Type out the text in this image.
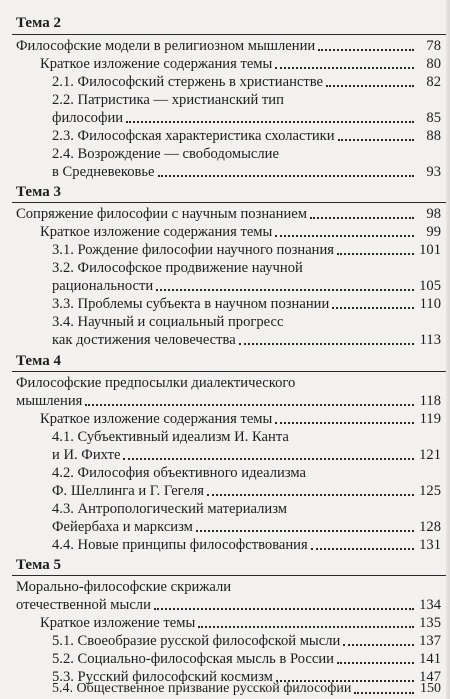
Тема 2
Философские модели в религиозном мышлении	78
Краткое изложение содержания темы	80
2.1. Философский стержень в христианстве	82
2.2. Патристика — христианский тип
философии	85
2.3. Философская характеристика схоластики	88
2.4. Возрождение — свободомыслие
в Средневековье	93
Тема 3
Сопряжение философии с научным познанием	98
Краткое изложение содержания темы	99
3.1. Рождение философии научного познания	101
3.2. Философское продвижение научной
рациональности	105
3.3. Проблемы субъекта в научном познании	110
3.4. Научный и социальный прогресс
как достижения человечества	113
Тема 4
Философские предпосылки диалектического
мышления	118
Краткое изложение содержания темы	119
4.1. Субъективный идеализм И. Канта
и И. Фихте	121
4.2. Философия объективного идеализма
Ф. Шеллинга и Г. Гегеля	125
4.3. Антропологический материализм
Фейербаха и марксизм	128
4.4. Новые принципы философствования	131
Тема 5
Морально-философские скрижали
отечественной мысли	134
Краткое изложение темы	135
5.1. Своеобразие русской философской мысли	137
5.2. Социально-философская мысль в России	141
5.3. Русский философский космизм	147
5.4. Общественное призвание русской философии	150
